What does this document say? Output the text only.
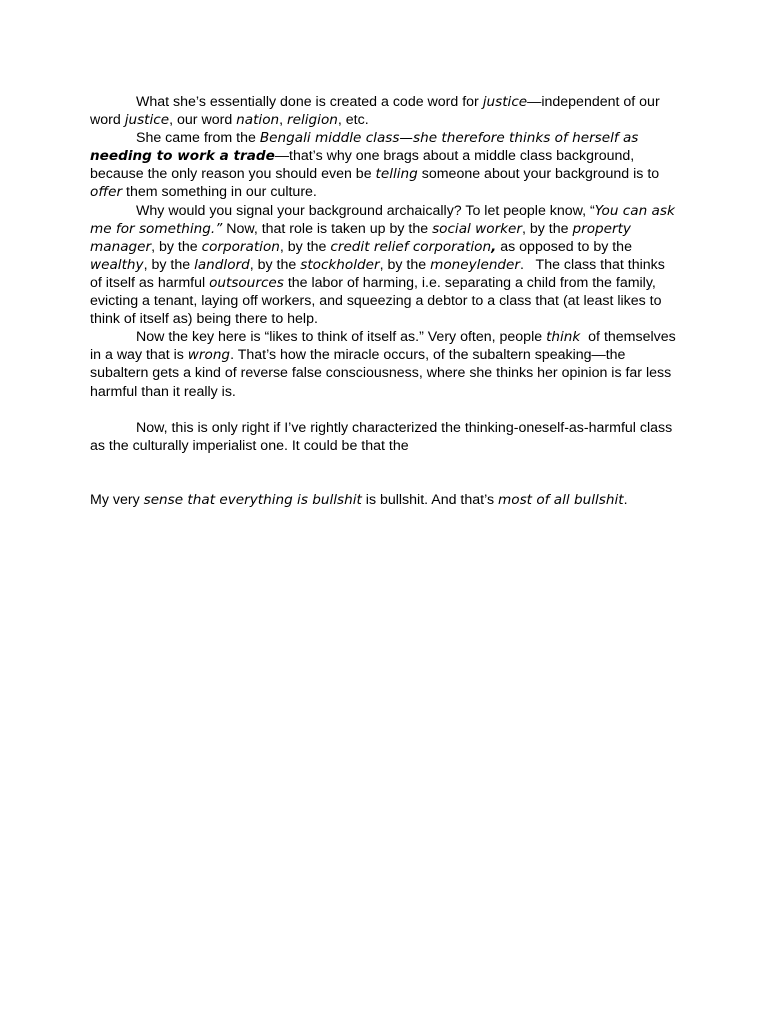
What she’s essentially done is created a code word for justice—independent of our word justice, our word nation, religion, etc.

She came from the Bengali middle class—she therefore thinks of herself as needing to work a trade—that’s why one brags about a middle class background, because the only reason you should even be telling someone about your background is to offer them something in our culture.

Why would you signal your background archaically? To let people know, “You can ask me for something.” Now, that role is taken up by the social worker, by the property manager, by the corporation, by the credit relief corporation, as opposed to by the wealthy, by the landlord, by the stockholder, by the moneylender.   The class that thinks of itself as harmful outsources the labor of harming, i.e. separating a child from the family, evicting a tenant, laying off workers, and squeezing a debtor to a class that (at least likes to think of itself as) being there to help.

Now the key here is “likes to think of itself as.” Very often, people think  of themselves in a way that is wrong. That’s how the miracle occurs, of the subaltern speaking—the subaltern gets a kind of reverse false consciousness, where she thinks her opinion is far less harmful than it really is.

Now, this is only right if I’ve rightly characterized the thinking-oneself-as-harmful class as the culturally imperialist one. It could be that the

My very sense that everything is bullshit is bullshit. And that’s most of all bullshit.
